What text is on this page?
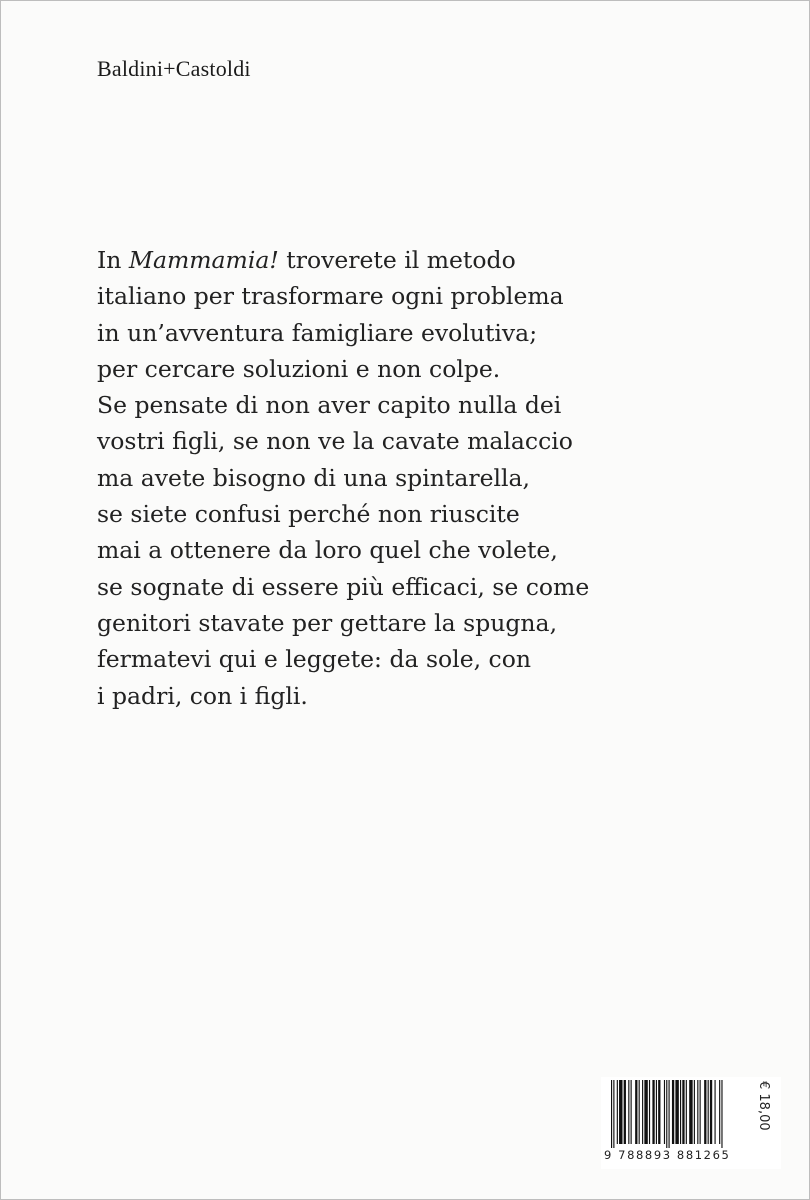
Baldini+Castoldi

In Mammamia! troverete il metodo
italiano per trasformare ogni problema
in un’avventura famigliare evolutiva;
per cercare soluzioni e non colpe.
Se pensate di non aver capito nulla dei
vostri figli, se non ve la cavate malaccio
ma avete bisogno di una spintarella,
se siete confusi perché non riuscite
mai a ottenere da loro quel che volete,
se sognate di essere più efficaci, se come
genitori stavate per gettare la spugna,
fermatevi qui e leggete: da sole, con
i padri, con i figli.

9 788893 881265
€ 18,00
